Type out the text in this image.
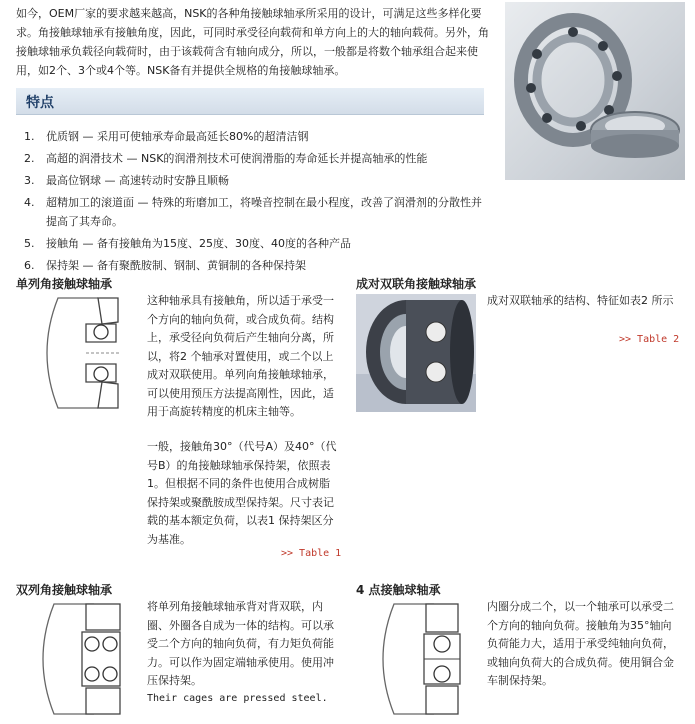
如今，OEM厂家的要求越来越高，NSK的各种角接触球轴承所采用的设计，可满足这些多样化要求。角接触球轴承有接触角度，因此，可同时承受径向载荷和单方向上的大的轴向载荷。另外，角接触球轴承负载径向载荷时，由于该载荷含有轴向成分，所以，一般都是将数个轴承组合起来使用，如2个、3个或4个等。NSK备有并提供全规格的角接触球轴承。
特点
1. 优质钢 — 采用可使轴承寿命最高延长80%的超清洁钢
2. 高超的润滑技术 — NSK的润滑剂技术可使润滑脂的寿命延长并提高轴承的性能
3. 最高位钢球 — 高速转动时安静且顺畅
4. 超精加工的滚道面 — 特殊的珩磨加工，将噪音控制在最小程度，改善了润滑剂的分散性并提高了其寿命。
5. 接触角 — 备有接触角为15度、25度、30度、40度的各种产品
6. 保持架 — 备有聚酰胺制、钢制、黄铜制的各种保持架
单列角接触球轴承
这种轴承具有接触角，所以适于承受一个方向的轴向负荷，或合成负荷。结构上，承受径向负荷后产生轴向分离，所以，将2 个轴承对置使用，或二个以上成对双联使用。单列向角接触球轴承，可以使用预压方法提高刚性，因此，适用于高旋转精度的机床主轴等。
一般，接触角30°（代号A）及40°（代号B）的角接触球轴承保持架，依照表1。但根据不同的条件也使用合成树脂保持架或聚酰胺成型保持架。尺寸表记载的基本额定负荷，以表1 保持架区分为基准。
>> Table 1
成对双联角接触球轴承
成对双联轴承的结构、特征如表2 所示
>> Table 2
双列角接触球轴承
将单列角接触球轴承背对背双联，内圈、外圈各自成为一体的结构。可以承受二个方向的轴向负荷，有力矩负荷能力。可以作为固定端轴承使用。使用冲压保持架。
Their cages are pressed steel.
4 点接触球轴承
内圈分成二个，以一个轴承可以承受二个方向的轴向负荷。接触角为35°轴向负荷能力大，适用于承受纯轴向负荷，或轴向负荷大的合成负荷。使用铜合金车制保持架。
